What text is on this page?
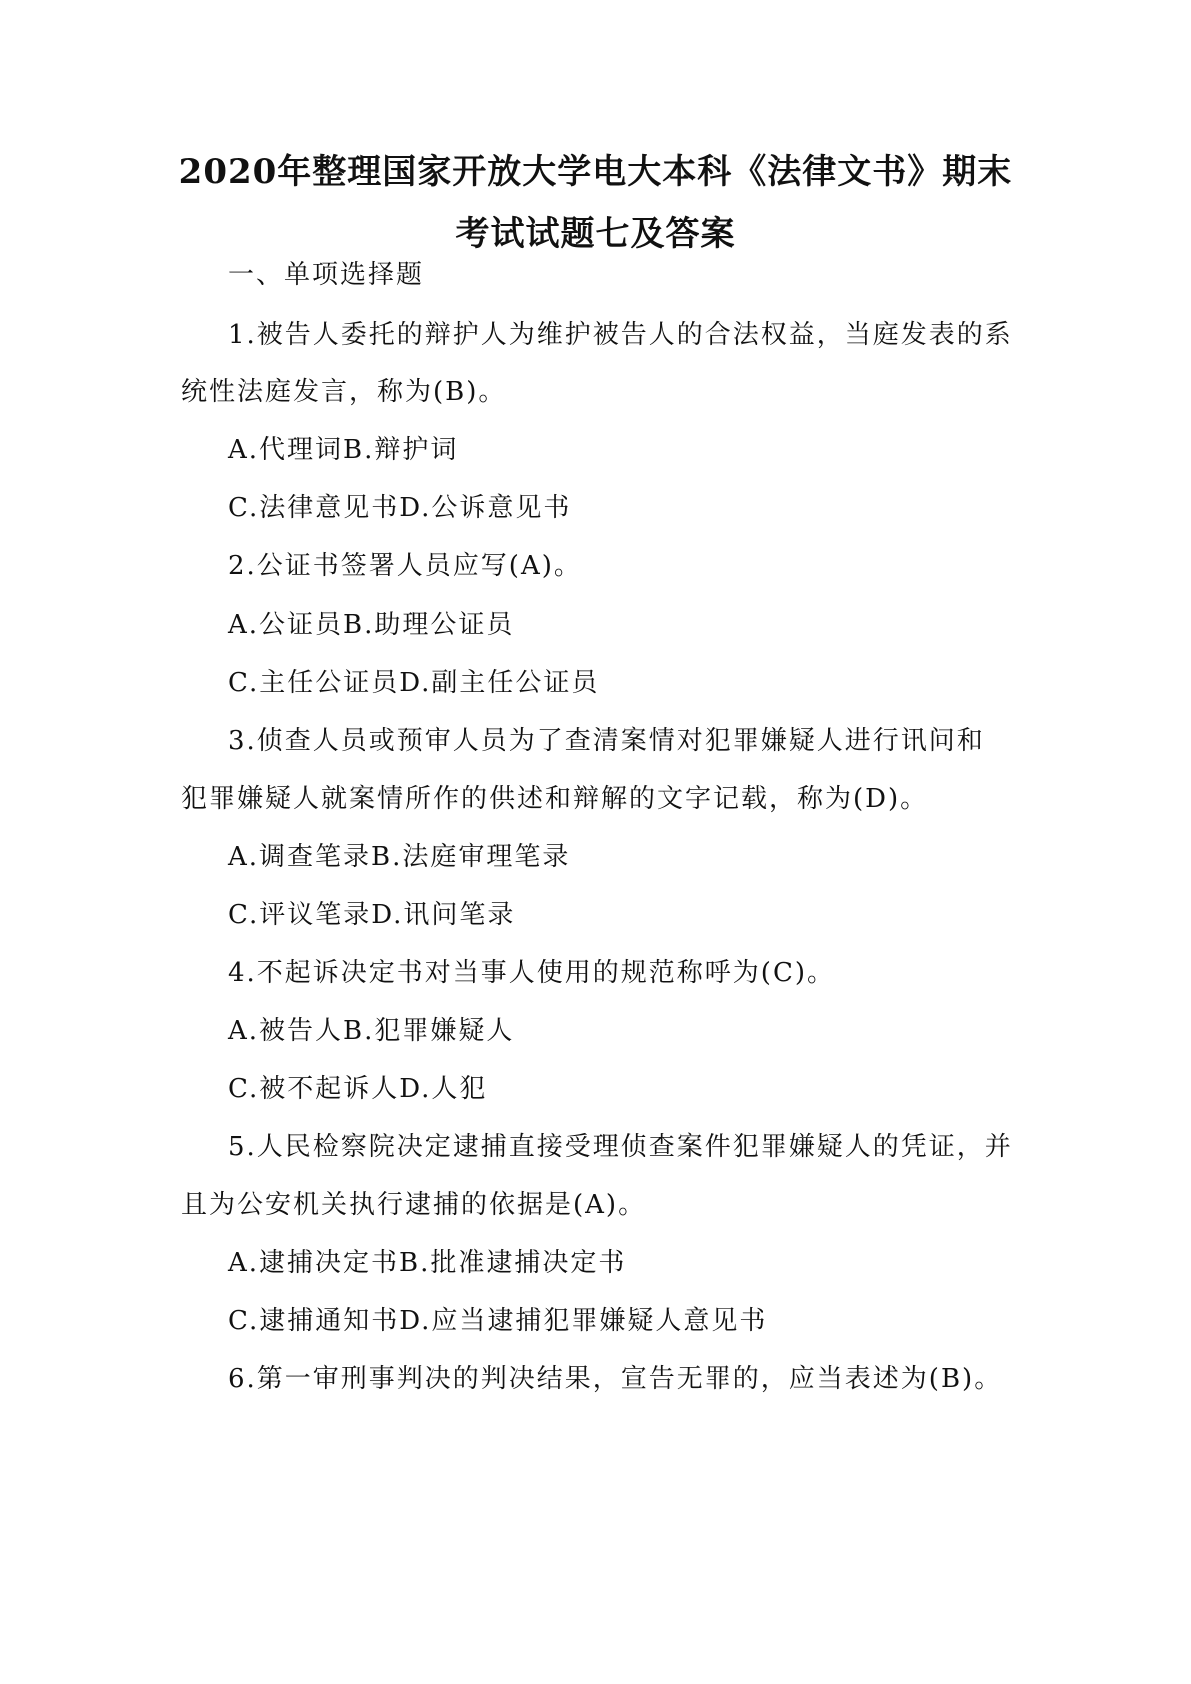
2020年整理国家开放大学电大本科《法律文书》期末
考试试题七及答案
一、单项选择题
1.被告人委托的辩护人为维护被告人的合法权益，当庭发表的系
统性法庭发言，称为(B)。
A.代理词B.辩护词
C.法律意见书D.公诉意见书
2.公证书签署人员应写(A)。
A.公证员B.助理公证员
C.主任公证员D.副主任公证员
3.侦查人员或预审人员为了查清案情对犯罪嫌疑人进行讯问和
犯罪嫌疑人就案情所作的供述和辩解的文字记载，称为(D)。
A.调查笔录B.法庭审理笔录
C.评议笔录D.讯问笔录
4.不起诉决定书对当事人使用的规范称呼为(C)。
A.被告人B.犯罪嫌疑人
C.被不起诉人D.人犯
5.人民检察院决定逮捕直接受理侦查案件犯罪嫌疑人的凭证，并
且为公安机关执行逮捕的依据是(A)。
A.逮捕决定书B.批准逮捕决定书
C.逮捕通知书D.应当逮捕犯罪嫌疑人意见书
6.第一审刑事判决的判决结果，宣告无罪的，应当表述为(B)。
